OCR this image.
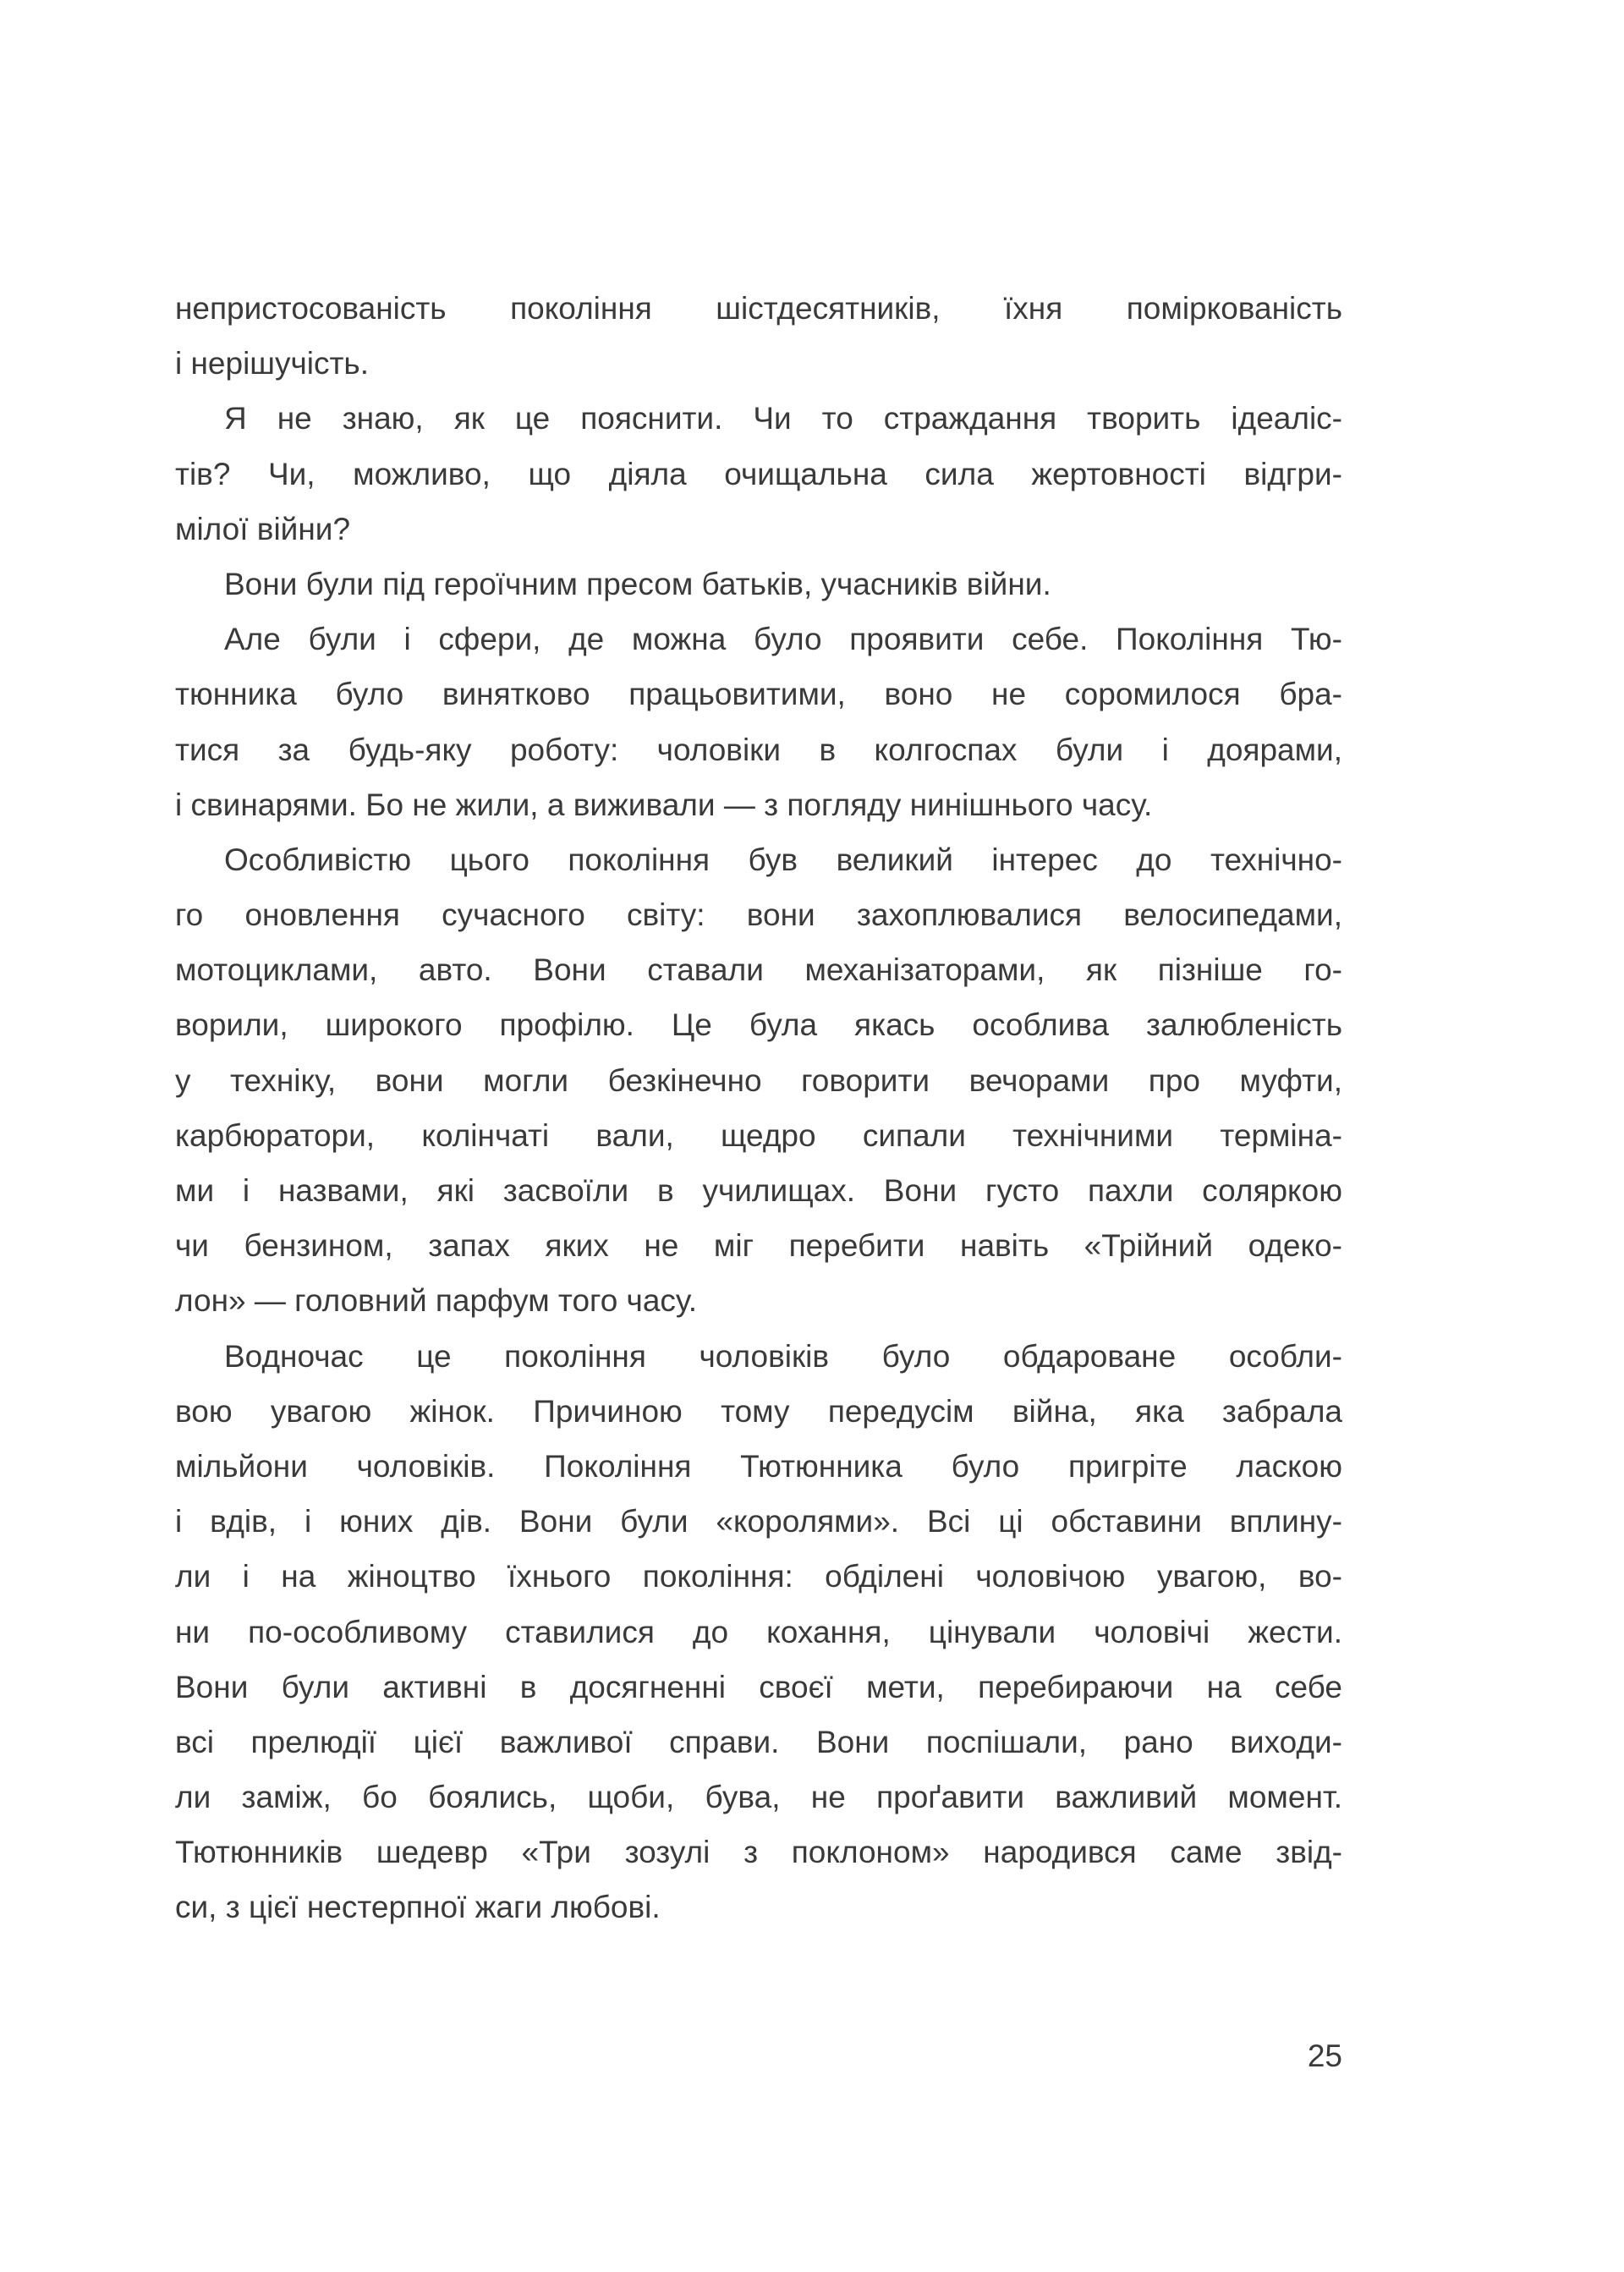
непристосованість покоління шістдесятників, їхня поміркованість
і нерішучість.
Я не знаю, як це пояснити. Чи то страждання творить ідеаліс-
тів? Чи, можливо, що діяла очищальна сила жертовності відгри-
мілої війни?
Вони були під героїчним пресом батьків, учасників війни.
Але були і сфери, де можна було проявити себе. Покоління Тю-
тюнника було винятково працьовитими, воно не соромилося бра-
тися за будь-яку роботу: чоловіки в колгоспах були і доярами,
і свинарями. Бо не жили, а виживали — з погляду нинішнього часу.
Особливістю цього покоління був великий інтерес до технічно-
го оновлення сучасного світу: вони захоплювалися велосипедами,
мотоциклами, авто. Вони ставали механізаторами, як пізніше го-
ворили, широкого профілю. Це була якась особлива залюбленість
у техніку, вони могли безкінечно говорити вечорами про муфти,
карбюратори, колінчаті вали, щедро сипали технічними терміна-
ми і назвами, які засвоїли в училищах. Вони густо пахли соляркою
чи бензином, запах яких не міг перебити навіть «Трійний одеко-
лон» — головний парфум того часу.
Водночас це покоління чоловіків було обдароване особли-
вою увагою жінок. Причиною тому передусім війна, яка забрала
мільйони чоловіків. Покоління Тютюнника було пригріте ласкою
і вдів, і юних дів. Вони були «королями». Всі ці обставини вплину-
ли і на жіноцтво їхнього покоління: обділені чоловічою увагою, во-
ни по-особливому ставилися до кохання, цінували чоловічі жести.
Вони були активні в досягненні своєї мети, перебираючи на себе
всі прелюдії цієї важливої справи. Вони поспішали, рано виходи-
ли заміж, бо боялись, щоби, бува, не проґавити важливий момент.
Тютюнників шедевр «Три зозулі з поклоном» народився саме звід-
си, з цієї нестерпної жаги любові.
25
